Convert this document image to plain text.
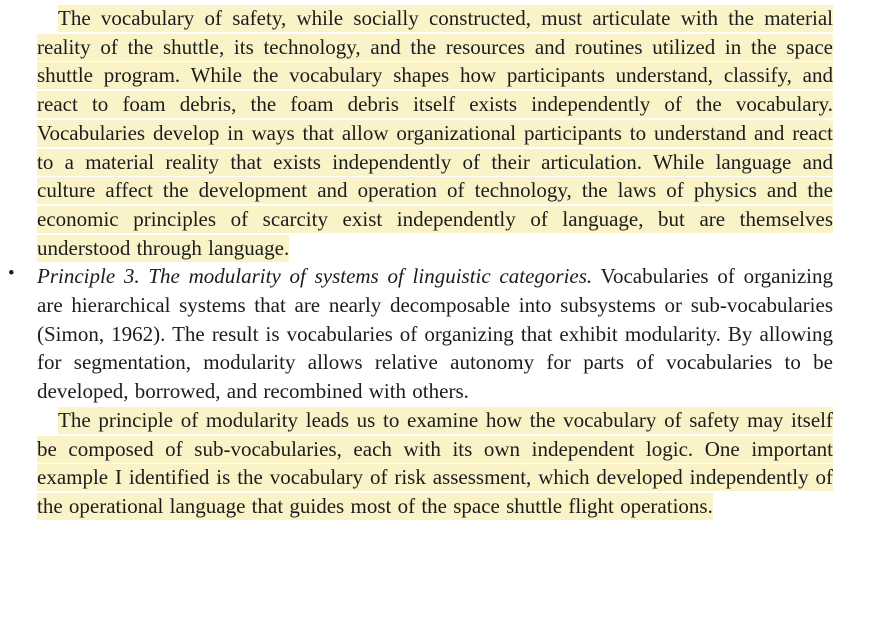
The vocabulary of safety, while socially constructed, must articulate with the material reality of the shuttle, its technology, and the resources and routines utilized in the space shuttle program. While the vocabulary shapes how participants understand, classify, and react to foam debris, the foam debris itself exists independently of the vocabulary. Vocabularies develop in ways that allow organizational participants to understand and react to a material reality that exists independently of their articulation. While language and culture affect the development and operation of technology, the laws of physics and the economic principles of scarcity exist independently of language, but are themselves understood through language.

• Principle 3. The modularity of systems of linguistic categories. Vocabularies of organizing are hierarchical systems that are nearly decomposable into subsystems or sub-vocabularies (Simon, 1962). The result is vocabularies of organizing that exhibit modularity. By allowing for segmentation, modularity allows relative autonomy for parts of vocabularies to be developed, borrowed, and recombined with others.

The principle of modularity leads us to examine how the vocabulary of safety may itself be composed of sub-vocabularies, each with its own independent logic. One important example I identified is the vocabulary of risk assessment, which developed independently of the operational language that guides most of the space shuttle flight operations.
